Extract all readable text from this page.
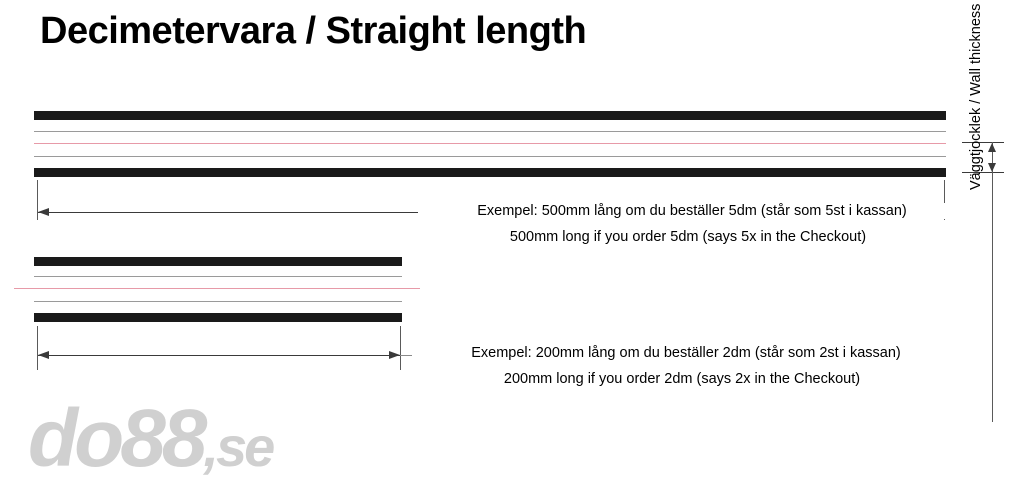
Decimetervara / Straight length
Exempel: 500mm lång om du beställer 5dm (står som 5st i kassan)
500mm long if you order 5dm (says 5x in the Checkout)
Exempel: 200mm lång om du beställer 2dm (står som 2st i kassan)
200mm long if you order 2dm (says 2x in the Checkout)
Väggtjocklek / Wall thickness
do88,se
